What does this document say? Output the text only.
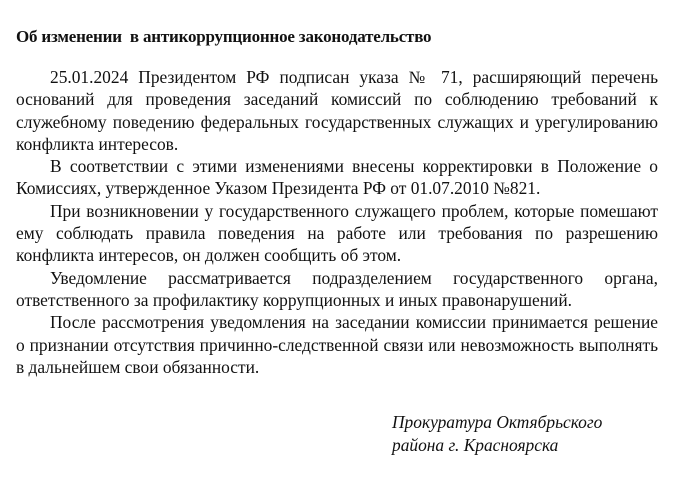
Об изменении  в антикоррупционное законодательство

25.01.2024 Президентом РФ подписан указа № 71, расширяющий перечень оснований для проведения заседаний комиссий по соблюдению требований к служебному поведению федеральных государственных служащих и урегулированию конфликта интересов.

В соответствии с этими изменениями внесены корректировки в Положение о Комиссиях, утвержденное Указом Президента РФ от 01.07.2010 №821.

При возникновении у государственного служащего проблем, которые помешают ему соблюдать правила поведения на работе или требования по разрешению конфликта интересов, он должен сообщить об этом.

Уведомление рассматривается подразделением государственного органа, ответственного за профилактику коррупционных и иных правонарушений.

После рассмотрения уведомления на заседании комиссии принимается решение о признании отсутствия причинно-следственной связи или невозможность выполнять в дальнейшем свои обязанности.

Прокуратура Октябрьского
района г. Красноярска
